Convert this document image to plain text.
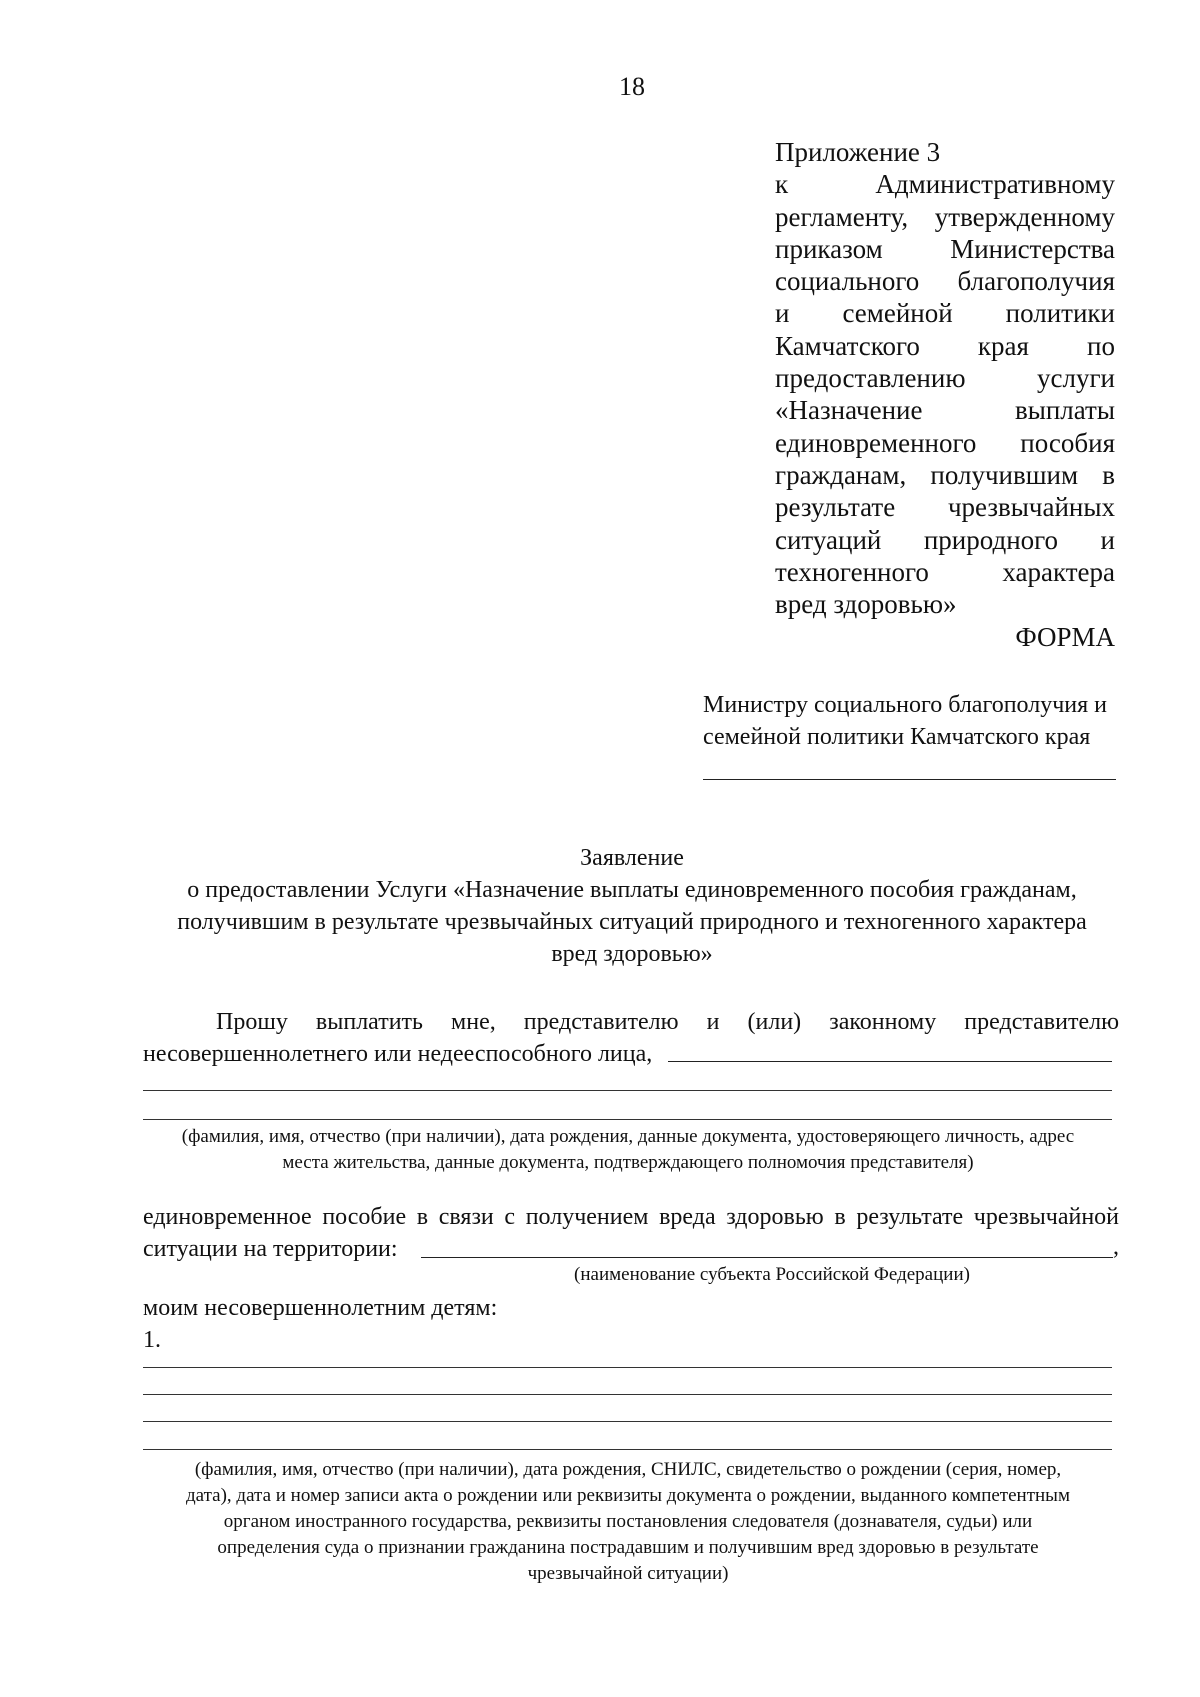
18
Приложение 3
к Административному
регламенту, утвержденному
приказом Министерства
социального благополучия
и семейной политики
Камчатского края по
предоставлению услуги
«Назначение выплаты
единовременного пособия
гражданам, получившим в
результате чрезвычайных
ситуаций природного и
техногенного характера
вред здоровью»
ФОРМА
Министру социального благополучия и
семейной политики Камчатского края
Заявление
о предоставлении Услуги «Назначение выплаты единовременного пособия гражданам,
получившим в результате чрезвычайных ситуаций природного и техногенного характера
вред здоровью»
Прошу выплатить мне, представителю и (или) законному представителю
несовершеннолетнего или недееспособного лица,
(фамилия, имя, отчество (при наличии), дата рождения, данные документа, удостоверяющего личность, адрес
места жительства, данные документа, подтверждающего полномочия представителя)
единовременное пособие в связи с получением вреда здоровью в результате чрезвычайной
ситуации на территории:	,
(наименование субъекта Российской Федерации)
моим несовершеннолетним детям:
1.
(фамилия, имя, отчество (при наличии), дата рождения, СНИЛС, свидетельство о рождении (серия, номер,
дата), дата и номер записи акта о рождении или реквизиты документа о рождении, выданного компетентным
органом иностранного государства, реквизиты постановления следователя (дознавателя, судьи) или
определения суда о признании гражданина пострадавшим и получившим вред здоровью в результате
чрезвычайной ситуации)
